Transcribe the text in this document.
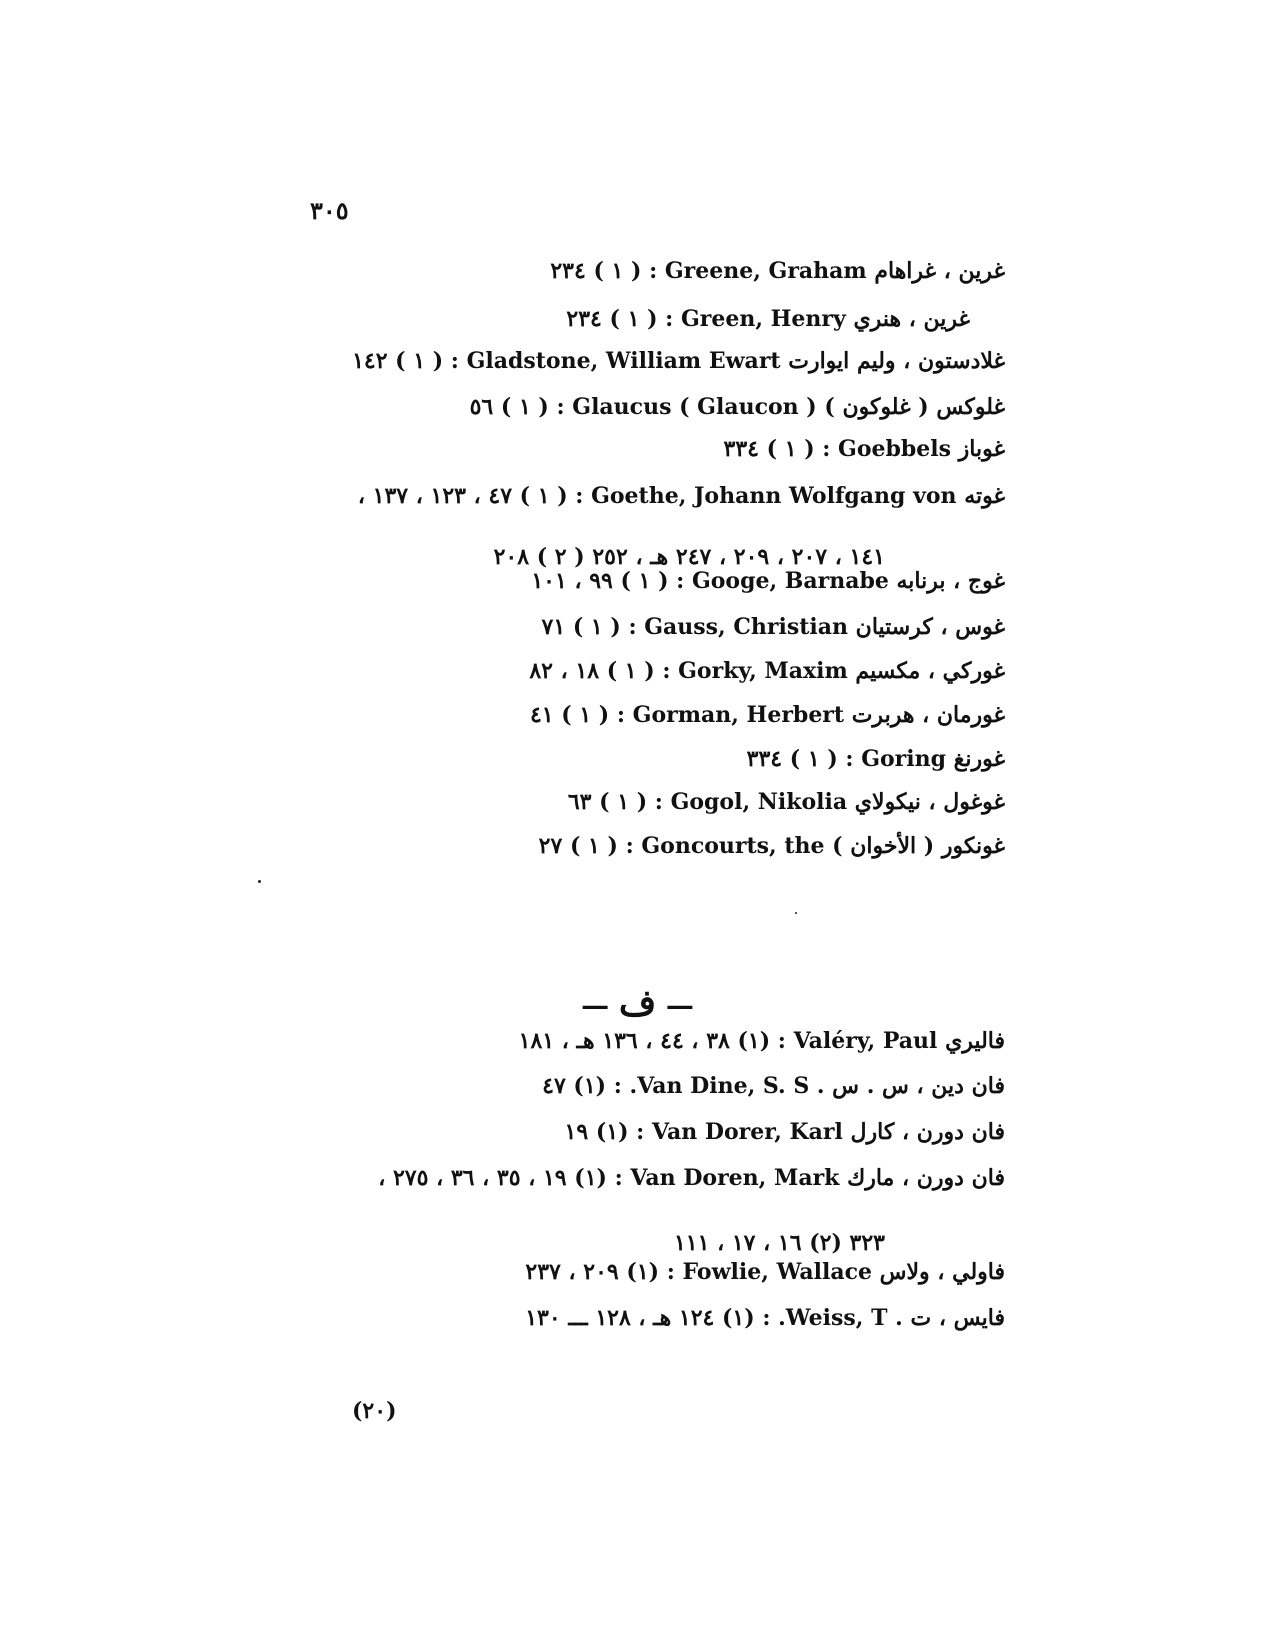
٣٠٥

غرين ، غراهام Greene, Graham : ( ١ ) ٢٣٤

غرين ، هنري Green, Henry : ( ١ ) ٢٣٤

غلادستون ، وليم ايوارت Gladstone, William Ewart : ( ١ ) ١٤٢

غلوكس ( غلوكون ) Glaucus ( Glaucon ) : ( ١ ) ٥٦

غوباز Goebbels : ( ١ ) ٣٣٤

غوته Goethe, Johann Wolfgang von : ( ١ ) ٤٧ ، ١٢٣ ، ١٣٧ ،

١٤١ ، ٢٠٧ ، ٢٠٩ ، ٢٤٧ هـ ، ٢٥٢ ( ٢ ) ٢٠٨

غوج ، برنابه Googe, Barnabe : ( ١ ) ٩٩ ، ١٠١

غوس ، كرستيان Gauss, Christian : ( ١ ) ٧١

غوركي ، مكسيم Gorky, Maxim : ( ١ ) ١٨ ، ٨٢

غورمان ، هربرت Gorman, Herbert : ( ١ ) ٤١

غورنغ Goring : ( ١ ) ٣٣٤

غوغول ، نيكولاي Gogol, Nikolia : ( ١ ) ٦٣

غونكور ( الأخوان ) Goncourts, the : ( ١ ) ٢٧

— ف —

فاليري Valéry, Paul : (١) ٣٨ ، ٤٤ ، ١٣٦ هـ ، ١٨١

فان دين ، س . س . Van Dine, S. S. : (١) ٤٧

فان دورن ، كارل Van Dorer, Karl : (١) ١٩

فان دورن ، مارك Van Doren, Mark : (١) ١٩ ، ٣٥ ، ٣٦ ، ٢٧٥ ،

٣٢٣ (٢) ١٦ ، ١٧ ، ١١١

فاولي ، ولاس Fowlie, Wallace : (١) ٢٠٩ ، ٢٣٧

فايس ، ت . Weiss, T. : (١) ١٢٤ هـ ، ١٢٨ ـــ ١٣٠

(٢٠)
